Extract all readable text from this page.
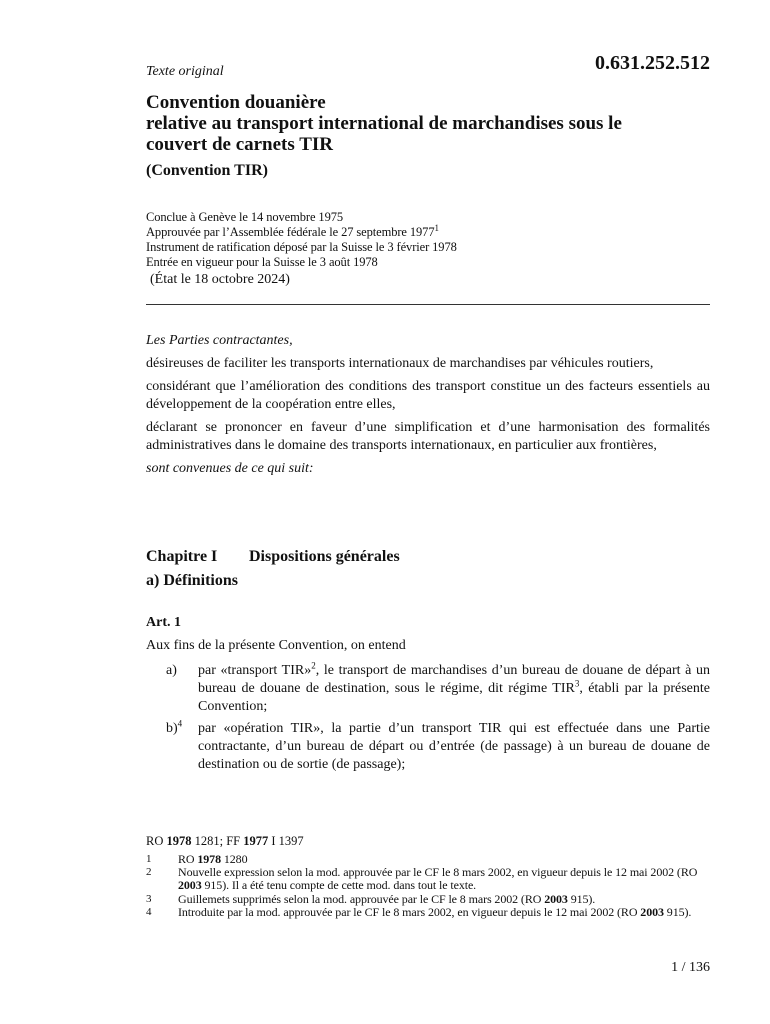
0.631.252.512
Texte original
Convention douanière
relative au transport international de marchandises sous le
couvert de carnets TIR
(Convention TIR)
Conclue à Genève le 14 novembre 1975
Approuvée par l’Assemblée fédérale le 27 septembre 1977$^1$
Instrument de ratification déposé par la Suisse le 3 février 1978
Entrée en vigueur pour la Suisse le 3 août 1978
(État le 18 octobre 2024)

Les Parties contractantes,

désireuses de faciliter les transports internationaux de marchandises par véhicules routiers,

considérant que l’amélioration des conditions des transport constitue un des facteurs essentiels au développement de la coopération entre elles,

déclarant se prononcer en faveur d’une simplification et d’une harmonisation des formalités administratives dans le domaine des transports internationaux, en particulier aux frontières,

sont convenues de ce qui suit:

Chapitre I Dispositions générales
a) Définitions
Art. 1
Aux fins de la présente Convention, on entend
a)	par «transport TIR»$^2$, le transport de marchandises d’un bureau de douane de départ à un bureau de douane de destination, sous le régime, dit régime TIR$^3$, établi par la présente Convention;
b)$^4$	par «opération TIR», la partie d’un transport TIR qui est effectuée dans une Partie contractante, d’un bureau de départ ou d’entrée (de passage) à un bureau de douane de destination ou de sortie (de passage);
RO 1978 1281; FF 1977 I 1397
1	RO 1978 1280
2	Nouvelle expression selon la mod. approuvée par le CF le 8 mars 2002, en vigueur depuis le 12 mai 2002 (RO 2003 915). Il a été tenu compte de cette mod. dans tout le texte.
3	Guillemets supprimés selon la mod. approuvée par le CF le 8 mars 2002 (RO 2003 915).
4	Introduite par la mod. approuvée par le CF le 8 mars 2002, en vigueur depuis le 12 mai 2002 (RO 2003 915).
1 / 136
